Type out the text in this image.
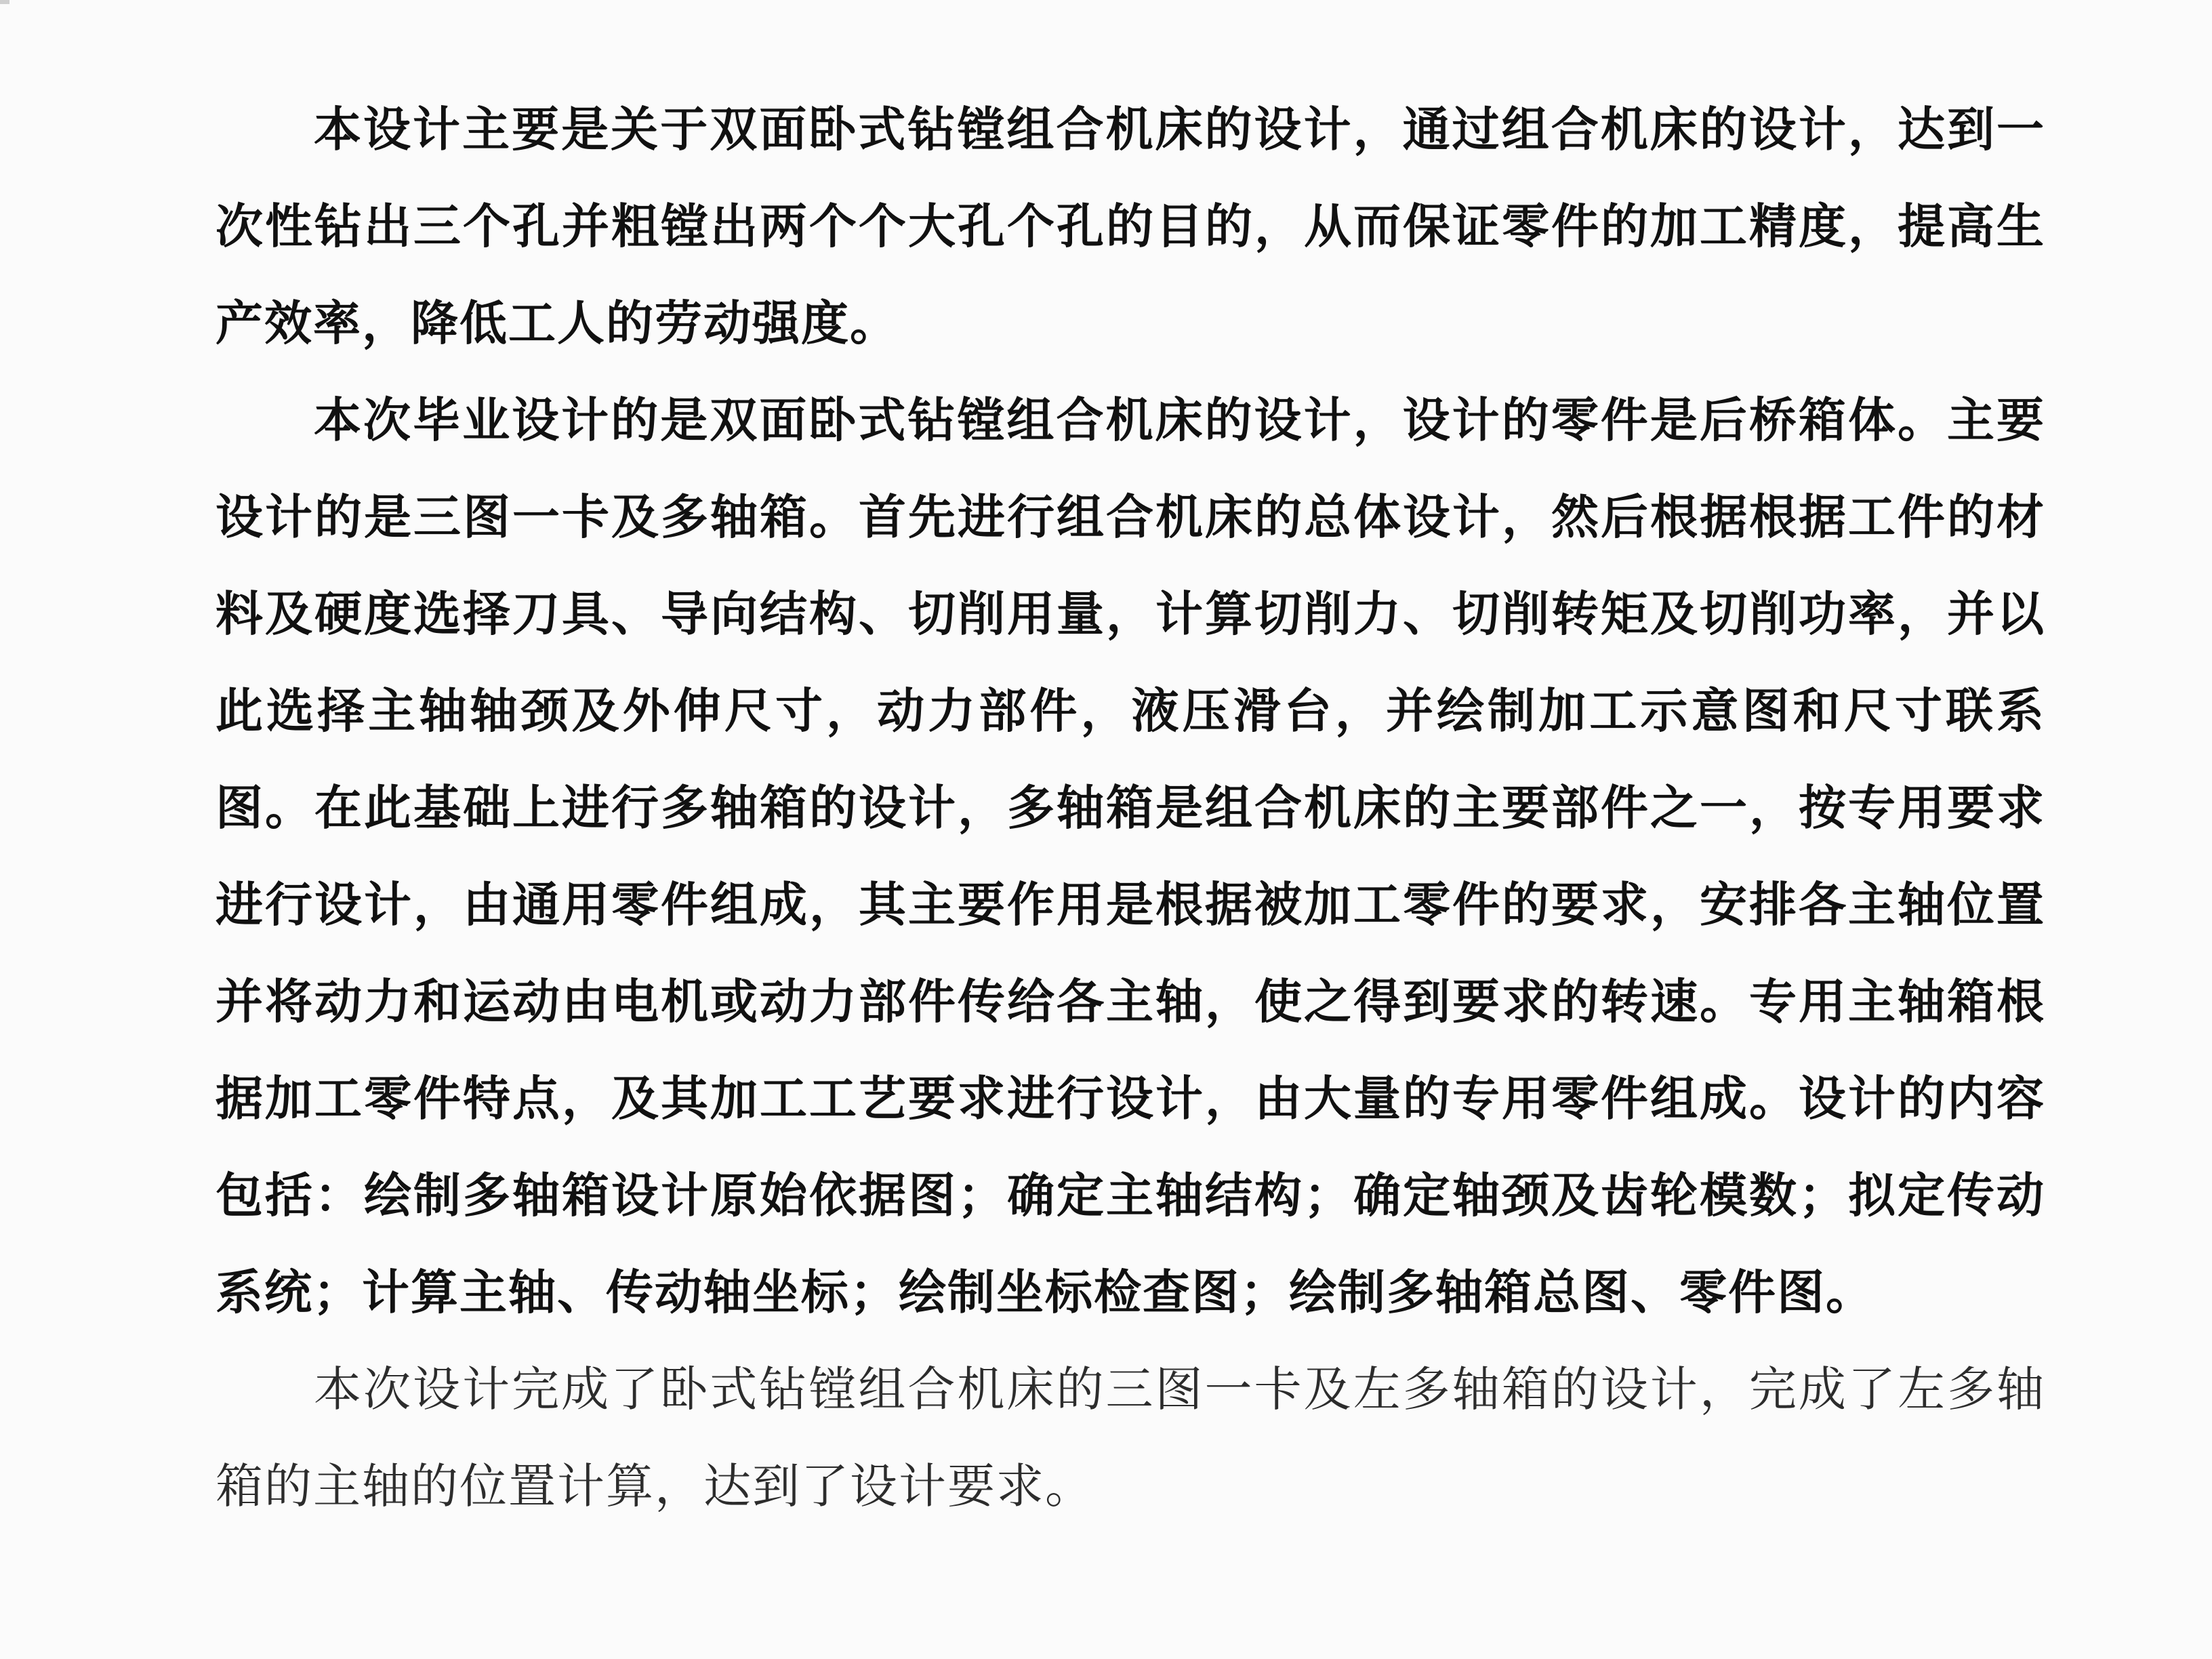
本设计主要是关于双面卧式钻镗组合机床的设计，通过组合机床的设计，达到一次性钻出三个孔并粗镗出两个个大孔个孔的目的，从而保证零件的加工精度，提高生产效率，降低工人的劳动强度。

本次毕业设计的是双面卧式钻镗组合机床的设计，设计的零件是后桥箱体。主要设计的是三图一卡及多轴箱。首先进行组合机床的总体设计，然后根据根据工件的材料及硬度选择刀具、导向结构、切削用量，计算切削力、切削转矩及切削功率，并以此选择主轴轴颈及外伸尺寸，动力部件，液压滑台，并绘制加工示意图和尺寸联系图。在此基础上进行多轴箱的设计，多轴箱是组合机床的主要部件之一，按专用要求进行设计，由通用零件组成，其主要作用是根据被加工零件的要求，安排各主轴位置并将动力和运动由电机或动力部件传给各主轴，使之得到要求的转速。专用主轴箱根据加工零件特点，及其加工工艺要求进行设计，由大量的专用零件组成。设计的内容包括：绘制多轴箱设计原始依据图；确定主轴结构；确定轴颈及齿轮模数；拟定传动系统；计算主轴、传动轴坐标；绘制坐标检查图；绘制多轴箱总图、零件图。

本次设计完成了卧式钻镗组合机床的三图一卡及左多轴箱的设计，完成了左多轴箱的主轴的位置计算，达到了设计要求。
